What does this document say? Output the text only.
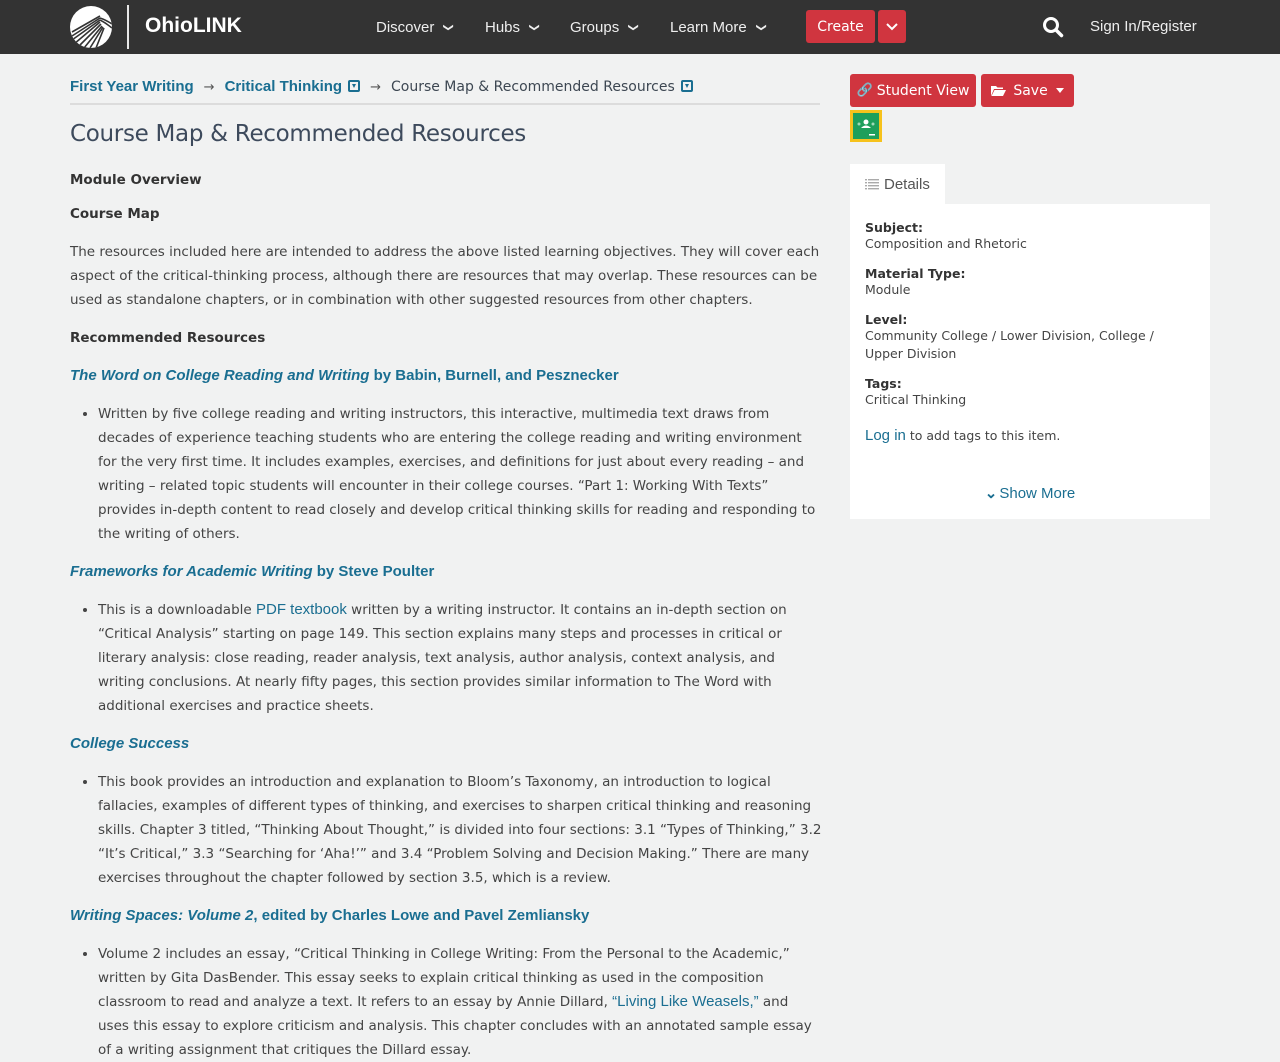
OhioLINK	Discover ❯ Hubs ❯ Groups ❯ Learn More ❯	Create	Sign In/Register
First Year Writing → Critical Thinking → Course Map & Recommended Resources
Course Map & Recommended Resources
Module Overview
Course Map

The resources included here are intended to address the above listed learning objectives. They will cover each aspect of the critical-thinking process, although there are resources that may overlap. These resources can be used as standalone chapters, or in combination with other suggested resources from other chapters.

Recommended Resources
The Word on College Reading and Writing by Babin, Burnell, and Pesznecker
• Written by five college reading and writing instructors, this interactive, multimedia text draws from decades of experience teaching students who are entering the college reading and writing environment for the very first time. It includes examples, exercises, and definitions for just about every reading – and writing – related topic students will encounter in their college courses. “Part 1: Working With Texts” provides in-depth content to read closely and develop critical thinking skills for reading and responding to the writing of others.
Frameworks for Academic Writing by Steve Poulter
• This is a downloadable PDF textbook written by a writing instructor. It contains an in-depth section on “Critical Analysis” starting on page 149. This section explains many steps and processes in critical or literary analysis: close reading, reader analysis, text analysis, author analysis, context analysis, and writing conclusions. At nearly fifty pages, this section provides similar information to The Word with additional exercises and practice sheets.
College Success
• This book provides an introduction and explanation to Bloom’s Taxonomy, an introduction to logical fallacies, examples of different types of thinking, and exercises to sharpen critical thinking and reasoning skills. Chapter 3 titled, “Thinking About Thought,” is divided into four sections: 3.1 “Types of Thinking,” 3.2 “It’s Critical,” 3.3 “Searching for ‘Aha!’” and 3.4 “Problem Solving and Decision Making.” There are many exercises throughout the chapter followed by section 3.5, which is a review.
Writing Spaces: Volume 2, edited by Charles Lowe and Pavel Zemliansky
• Volume 2 includes an essay, “Critical Thinking in College Writing: From the Personal to the Academic,” written by Gita DasBender. This essay seeks to explain critical thinking as used in the composition classroom to read and analyze a text. It refers to an essay by Annie Dillard, “Living Like Weasels,” and uses this essay to explore criticism and analysis. This chapter concludes with an annotated sample essay of a writing assignment that critiques the Dillard essay.
🔗 Student View	Save
Details
Subject:
Composition and Rhetoric
Material Type:
Module
Level:
Community College / Lower Division, College / Upper Division
Tags:
Critical Thinking
Log in to add tags to this item.
⌄ Show More
